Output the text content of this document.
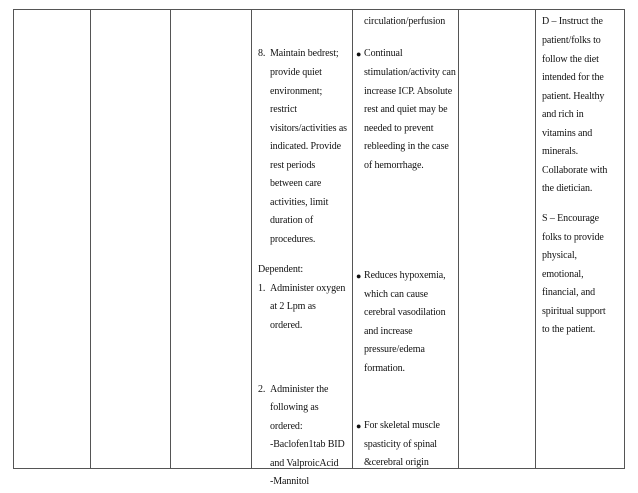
8. Maintain bedrest;
provide quiet
environment;
restrict
visitors/activities as
indicated. Provide
rest periods
between care
activities, limit
duration of
procedures.
Dependent:
1. Administer oxygen
at 2 Lpm as
ordered.
2. Administer the
following as
ordered:
-Baclofen1tab BID
and ValproicAcid
-Mannitol
circulation/perfusion
● Continual
stimulation/activity can
increase ICP. Absolute
rest and quiet may be
needed to prevent
rebleeding in the case
of hemorrhage.
● Reduces hypoxemia,
which can cause
cerebral vasodilation
and increase
pressure/edema
formation.
● For skeletal muscle
spasticity of spinal
&cerebral origin
D – Instruct the
patient/folks to
follow the diet
intended for the
patient. Healthy
and rich in
vitamins and
minerals.
Collaborate with
the dietician.
S – Encourage
folks to provide
physical,
emotional,
financial, and
spiritual support
to the patient.
